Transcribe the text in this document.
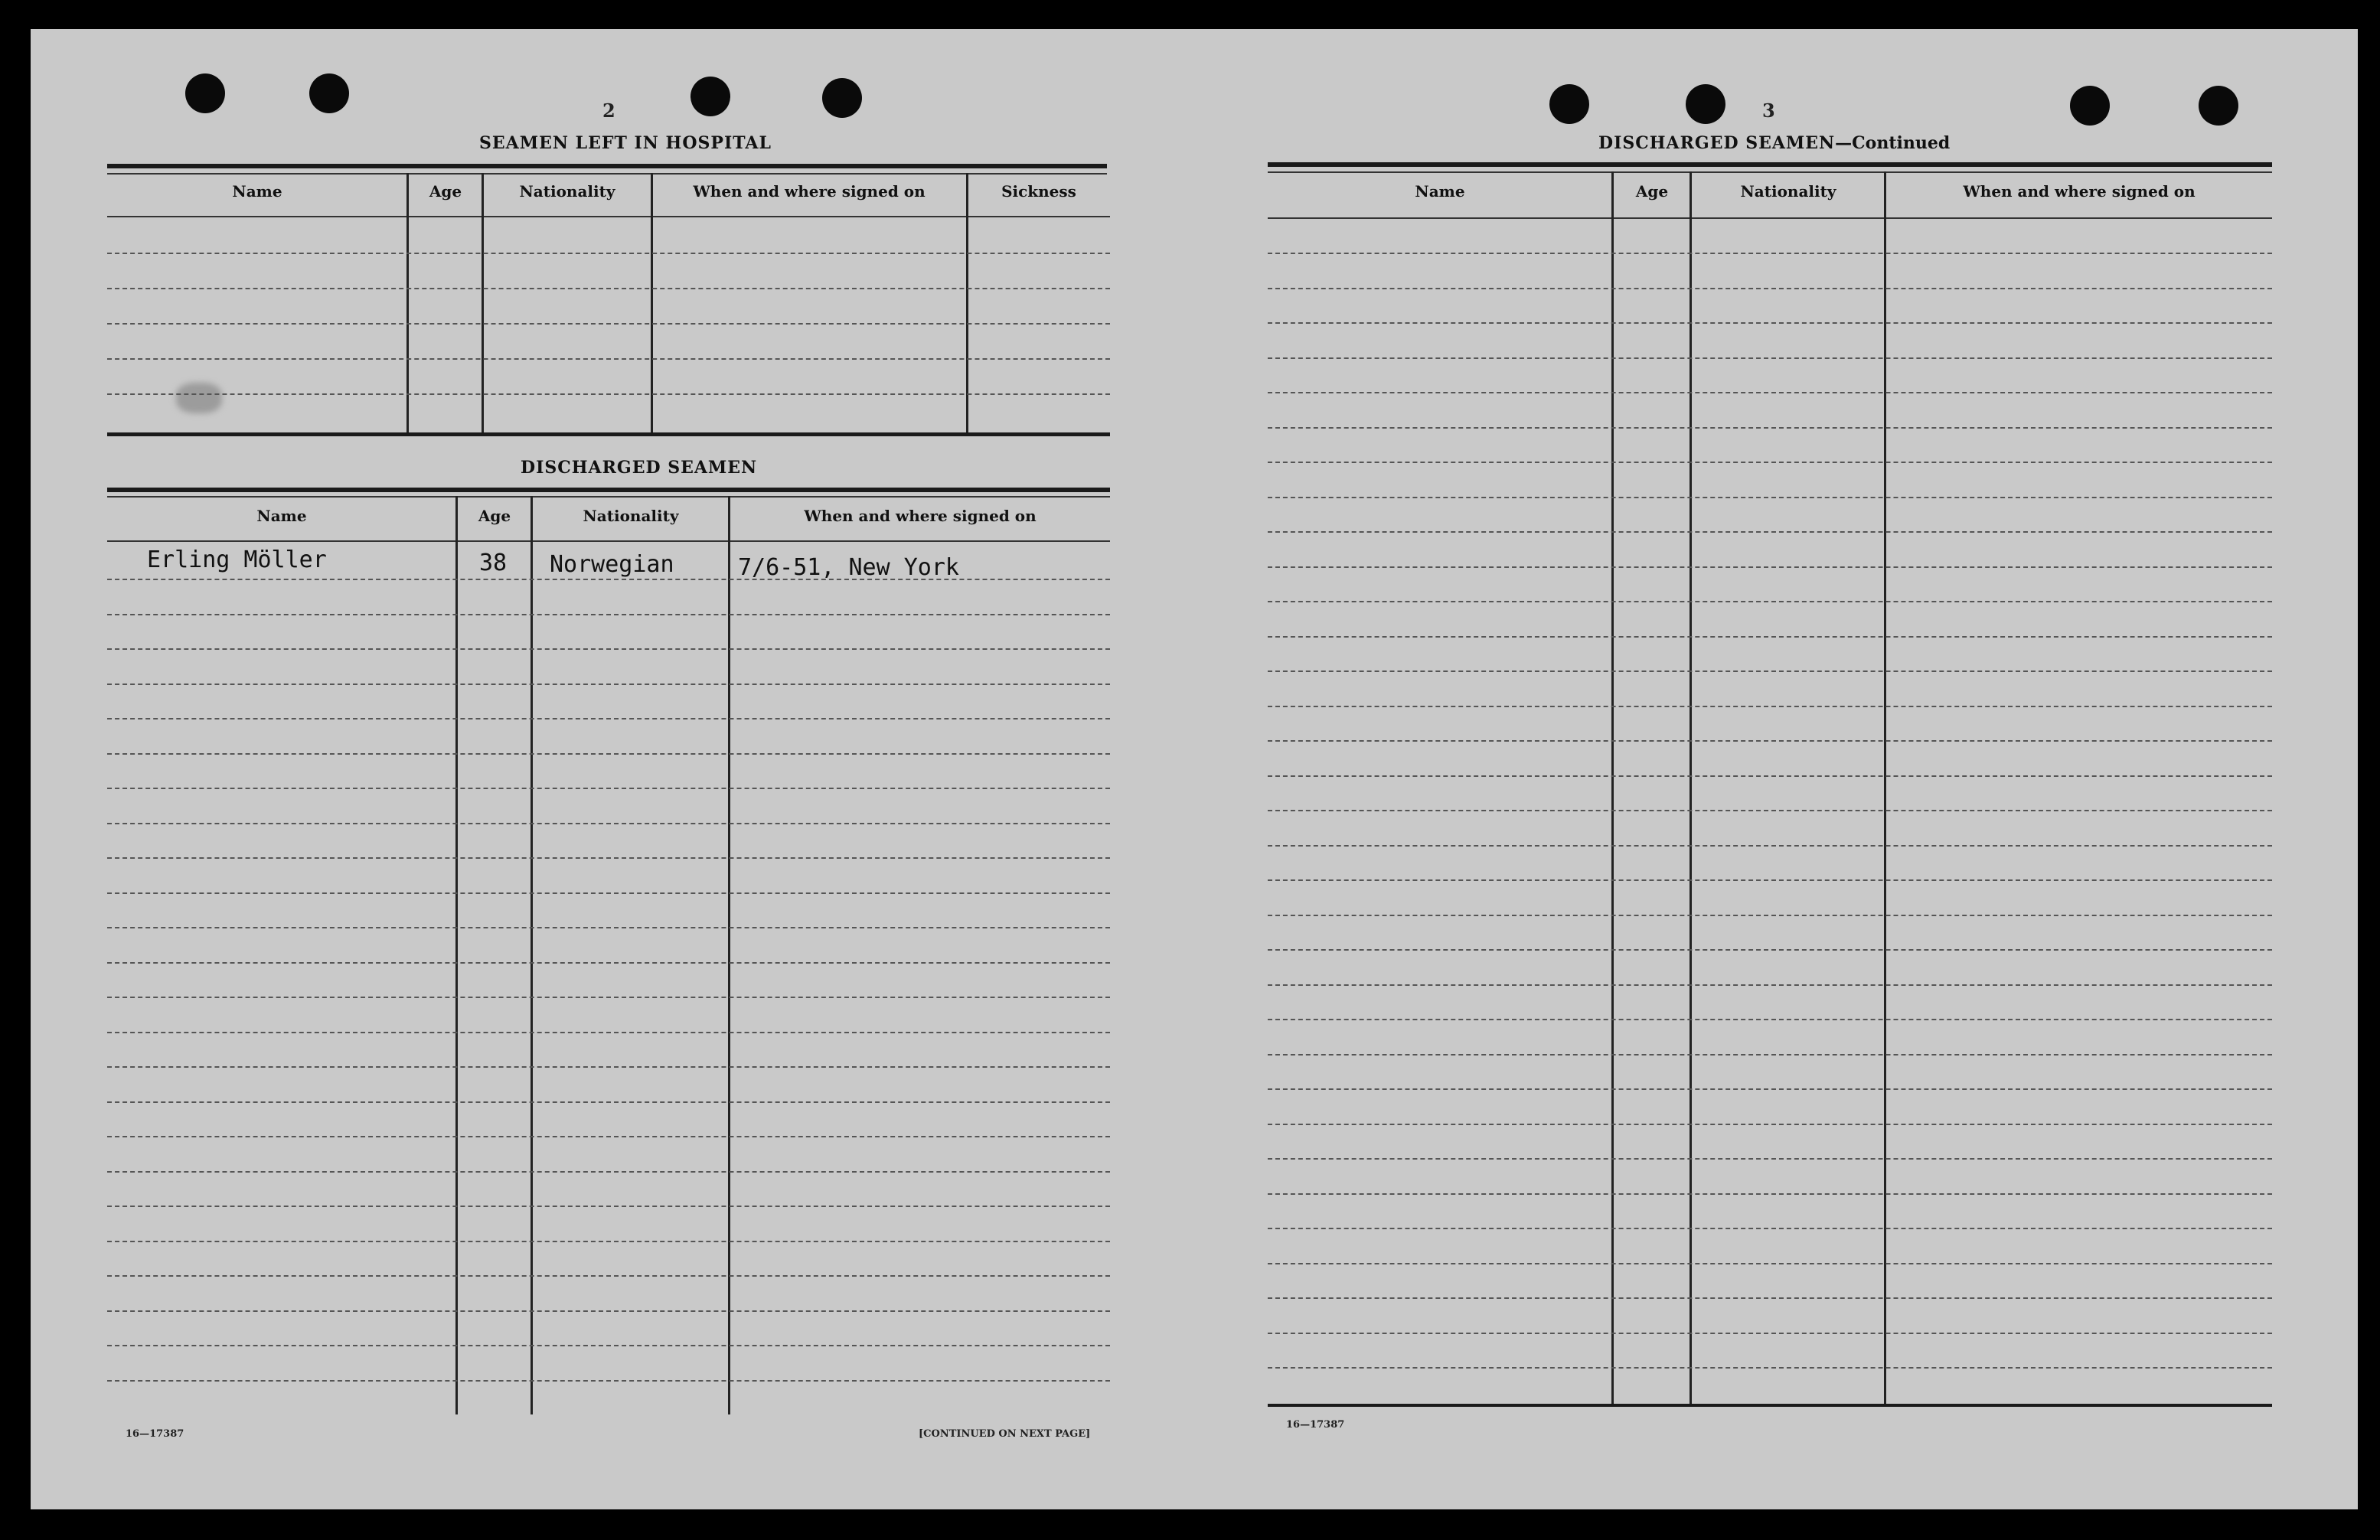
2
SEAMEN LEFT IN HOSPITAL
Name	Age	Nationality	When and where signed on	Sickness
DISCHARGED SEAMEN
Name	Age	Nationality	When and where signed on
Erling Möller	38 Norwegian	7/6-51, New York
16—17387	[CONTINUED ON NEXT PAGE]
3
DISCHARGED SEAMEN—Continued
Name	Age	Nationality	When and where signed on
16—17387
